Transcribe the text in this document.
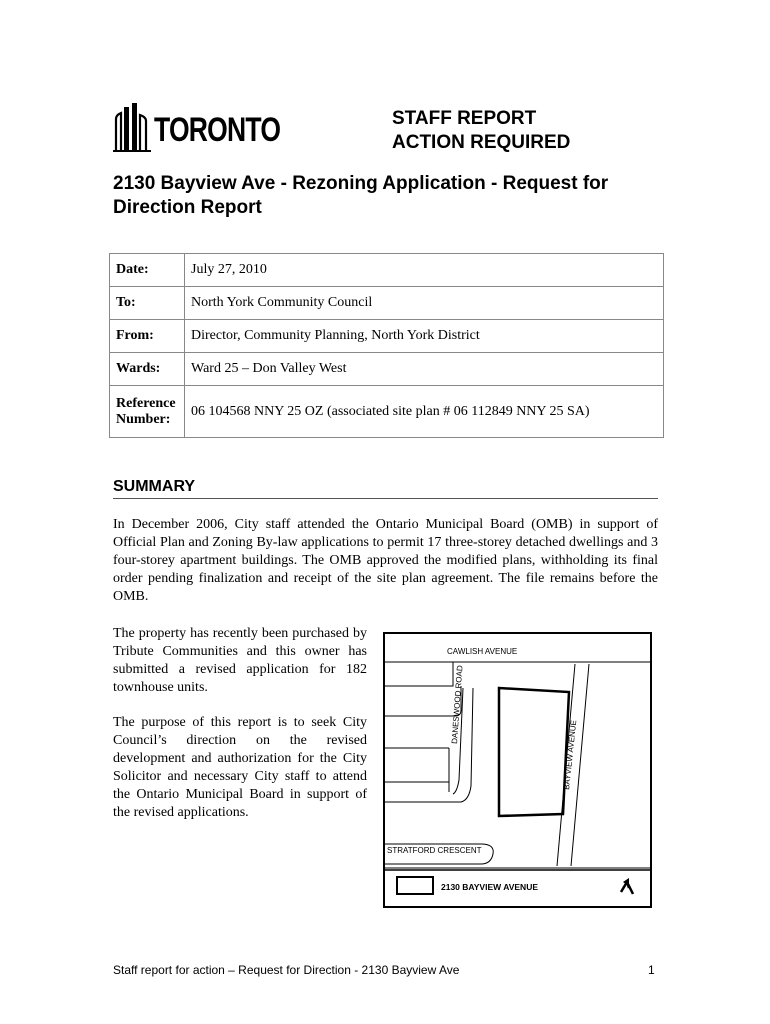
TORONTO	STAFF REPORT
ACTION REQUIRED
2130 Bayview Ave - Rezoning Application - Request for Direction Report
Date:	July 27, 2010
To:	North York Community Council
From:	Director, Community Planning, North York District
Wards:	Ward 25 – Don Valley West

Reference
Number:	06 104568 NNY 25 OZ (associated site plan # 06 112849 NNY 25 SA)
SUMMARY
In December 2006, City staff attended the Ontario Municipal Board (OMB) in support of Official Plan and Zoning By-law applications to permit 17 three-storey detached dwellings and 3 four-storey apartment buildings. The OMB approved the modified plans, withholding its final order pending finalization and receipt of the site plan agreement. The file remains before the OMB.
The property has recently been purchased by Tribute Communities and this owner has submitted a revised application for 182 townhouse units.
The purpose of this report is to seek City Council’s direction on the revised development and authorization for the City Solicitor and necessary City staff to attend the Ontario Municipal Board in support of the revised applications.
CAWLISH AVENUE
DANESWOOD ROAD
BAYVIEW AVENUE
STRATFORD CRESCENT
2130 BAYVIEW AVENUE
Staff report for action – Request for Direction - 2130 Bayview Ave	1
